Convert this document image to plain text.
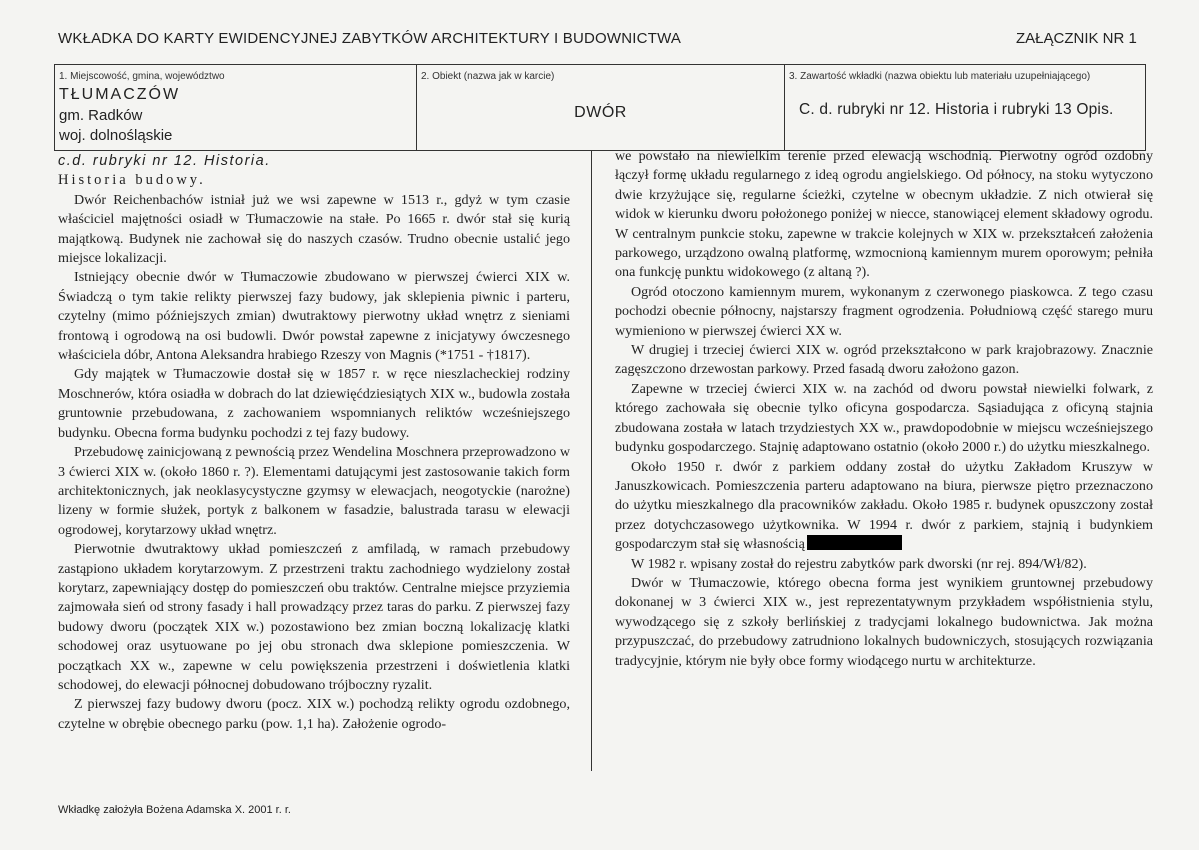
WKŁADKA DO KARTY EWIDENCYJNEJ ZABYTKÓW ARCHITEKTURY I BUDOWNICTWA	ZAŁĄCZNIK NR 1
1. Miejscowość, gmina, województwo
TŁUMACZÓW
gm. Radków
woj. dolnośląskie
2. Obiekt (nazwa jak w karcie)
DWÓR
3. Zawartość wkładki (nazwa obiektu lub materiału uzupełniającego)
C. d. rubryki nr 12. Historia i rubryki 13 Opis.
c.d. rubryki nr 12. Historia.
Historia budowy.

Dwór Reichenbachów istniał już we wsi zapewne w 1513 r., gdyż w tym czasie właściciel majętności osiadł w Tłumaczowie na stałe. Po 1665 r. dwór stał się kurią majątkową. Budynek nie zachował się do naszych czasów. Trudno obecnie ustalić jego miejsce lokalizacji.

Istniejący obecnie dwór w Tłumaczowie zbudowano w pierwszej ćwierci XIX w. Świadczą o tym takie relikty pierwszej fazy budowy, jak sklepienia piwnic i parteru, czytelny (mimo późniejszych zmian) dwutraktowy pierwotny układ wnętrz z sieniami frontową i ogrodową na osi budowli. Dwór powstał zapewne z inicjatywy ówczesnego właściciela dóbr, Antona Aleksandra hrabiego Rzeszy von Magnis (*1751 - †1817).

Gdy majątek w Tłumaczowie dostał się w 1857 r. w ręce nieszlacheckiej rodziny Moschnerów, która osiadła w dobrach do lat dziewięćdziesiątych XIX w., budowla została gruntownie przebudowana, z zachowaniem wspomnianych reliktów wcześniejszego budynku. Obecna forma budynku pochodzi z tej fazy budowy.

Przebudowę zainicjowaną z pewnością przez Wendelina Moschnera przeprowadzono w 3 ćwierci XIX w. (około 1860 r. ?). Elementami datującymi jest zastosowanie takich form architektonicznych, jak neoklasycystyczne gzymsy w elewacjach, neogotyckie (narożne) lizeny w formie służek, portyk z balkonem w fasadzie, balustrada tarasu w elewacji ogrodowej, korytarzowy układ wnętrz.

Pierwotnie dwutraktowy układ pomieszczeń z amfiladą, w ramach przebudowy zastąpiono układem korytarzowym. Z przestrzeni traktu zachodniego wydzielony został korytarz, zapewniający dostęp do pomieszczeń obu traktów. Centralne miejsce przyziemia zajmowała sień od strony fasady i hall prowadzący przez taras do parku. Z pierwszej fazy budowy dworu (początek XIX w.) pozostawiono bez zmian boczną lokalizację klatki schodowej oraz usytuowane po jej obu stronach dwa sklepione pomieszczenia. W początkach XX w., zapewne w celu powiększenia przestrzeni i doświetlenia klatki schodowej, do elewacji północnej dobudowano trójboczny ryzalit.

Z pierwszej fazy budowy dworu (pocz. XIX w.) pochodzą relikty ogrodu ozdobnego, czytelne w obrębie obecnego parku (pow. 1,1 ha). Założenie ogrodo-

we powstało na niewielkim terenie przed elewacją wschodnią. Pierwotny ogród ozdobny łączył formę układu regularnego z ideą ogrodu angielskiego. Od północy, na stoku wytyczono dwie krzyżujące się, regularne ścieżki, czytelne w obecnym układzie. Z nich otwierał się widok w kierunku dworu położonego poniżej w niecce, stanowiącej element składowy ogrodu. W centralnym punkcie stoku, zapewne w trakcie kolejnych w XIX w. przekształceń założenia parkowego, urządzono owalną platformę, wzmocnioną kamiennym murem oporowym; pełniła ona funkcję punktu widokowego (z altaną ?).

Ogród otoczono kamiennym murem, wykonanym z czerwonego piaskowca. Z tego czasu pochodzi obecnie północny, najstarszy fragment ogrodzenia. Południową część starego muru wymieniono w pierwszej ćwierci XX w.

W drugiej i trzeciej ćwierci XIX w. ogród przekształcono w park krajobrazowy. Znacznie zagęszczono drzewostan parkowy. Przed fasadą dworu założono gazon.

Zapewne w trzeciej ćwierci XIX w. na zachód od dworu powstał niewielki folwark, z którego zachowała się obecnie tylko oficyna gospodarcza. Sąsiadująca z oficyną stajnia zbudowana została w latach trzydziestych XX w., prawdopodobnie w miejscu wcześniejszego budynku gospodarczego. Stajnię adaptowano ostatnio (około 2000 r.) do użytku mieszkalnego.

Około 1950 r. dwór z parkiem oddany został do użytku Zakładom Kruszyw w Januszkowicach. Pomieszczenia parteru adaptowano na biura, pierwsze piętro przeznaczono do użytku mieszkalnego dla pracowników zakładu. Około 1985 r. budynek opuszczony został przez dotychczasowego użytkownika. W 1994 r. dwór z parkiem, stajnią i budynkiem gospodarczym stał się własnością

W 1982 r. wpisany został do rejestru zabytków park dworski (nr rej. 894/Wł/82).

Dwór w Tłumaczowie, którego obecna forma jest wynikiem gruntownej przebudowy dokonanej w 3 ćwierci XIX w., jest reprezentatywnym przykładem współistnienia stylu, wywodzącego się z szkoły berlińskiej z tradycjami lokalnego budownictwa. Jak można przypuszczać, do przebudowy zatrudniono lokalnych budowniczych, stosujących rozwiązania tradycyjnie, którym nie były obce formy wiodącego nurtu w architekturze.

Wkładkę założyła Bożena Adamska X. 2001 r. r.
